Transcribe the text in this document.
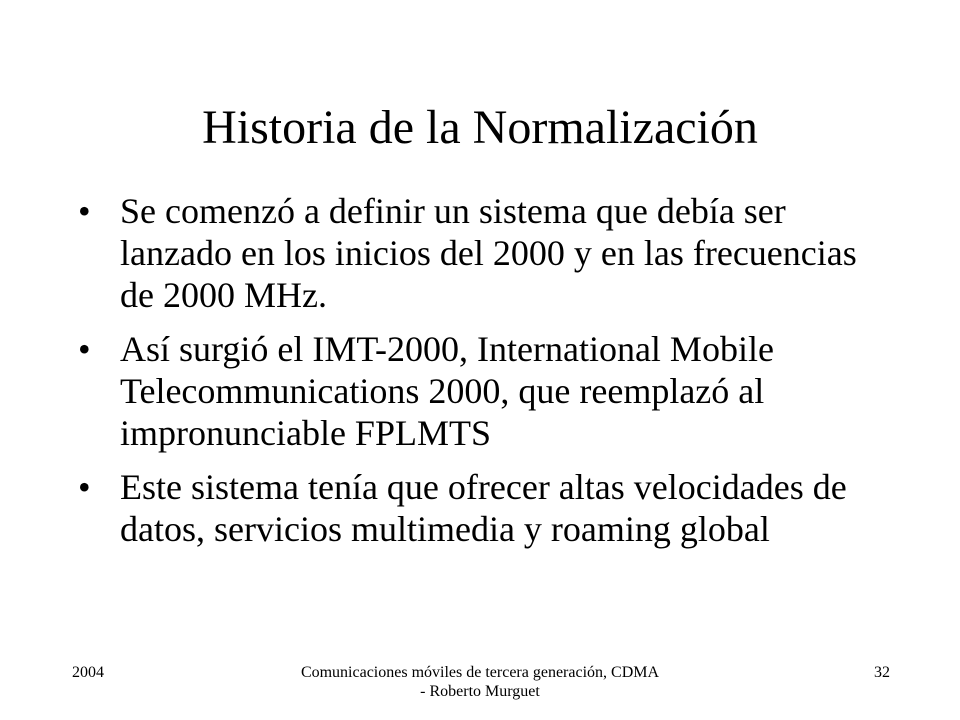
Historia de la Normalización
• Se comenzó a definir un sistema que debía ser lanzado en los inicios del 2000 y en las frecuencias de 2000 MHz.
• Así surgió el IMT-2000, International Mobile Telecommunications 2000, que reemplazó al impronunciable FPLMTS
• Este sistema tenía que ofrecer altas velocidades de datos, servicios multimedia y roaming global
2004	Comunicaciones móviles de tercera generación, CDMA - Roberto Murguet
32
